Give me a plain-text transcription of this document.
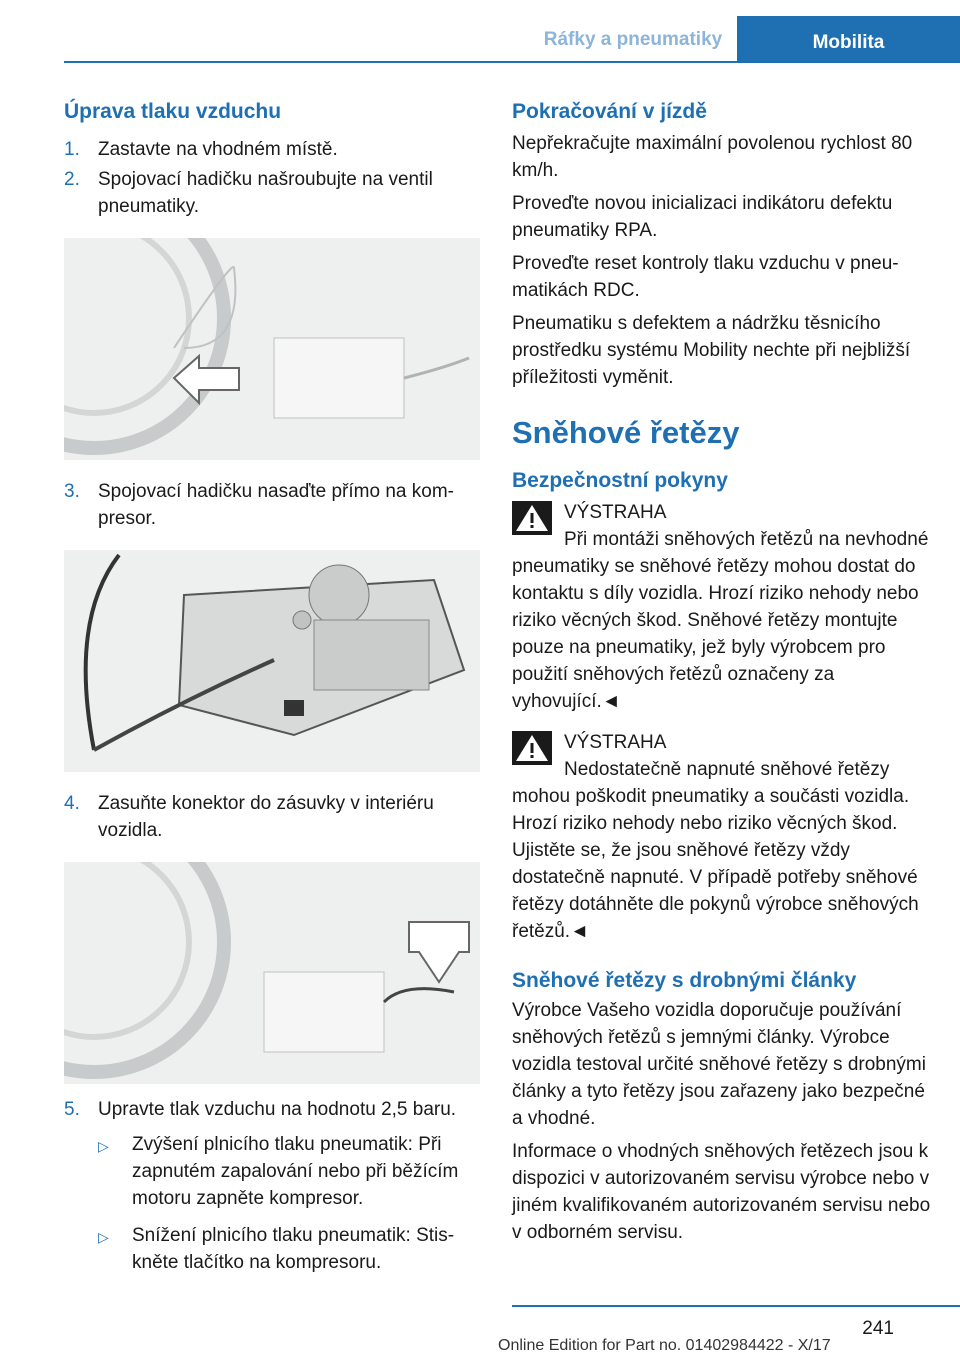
Ráfky a pneumatiky	Mobilita
Úprava tlaku vzduchu
1. Zastavte na vhodném místě.
2. Spojovací hadičku našroubujte na ventil pneumatiky.
3. Spojovací hadičku nasaďte přímo na kompresor.
4. Zasuňte konektor do zásuvky v interiéru vozidla.
5. Upravte tlak vzduchu na hodnotu 2,5 baru.
▷	Zvýšení plnicího tlaku pneumatik: Při zapnutém zapalování nebo při běžícím motoru zapněte kompresor.
▷	Snížení plnicího tlaku pneumatik: Stiskněte tlačítko na kompresoru.
Pokračování v jízdě

Nepřekračujte maximální povolenou rychlost 80 km/h.

Proveďte novou inicializaci indikátoru defektu pneumatiky RPA.

Proveďte reset kontroly tlaku vzduchu v pneumatikách RDC.

Pneumatiku s defektem a nádržku těsnicího prostředku systému Mobility nechte při nejbližší příležitosti vyměnit.

Sněhové řetězy
Bezpečnostní pokyny
VÝSTRAHA
Při montáži sněhových řetězů na nevhodné pneumatiky se sněhové řetězy mohou dostat do kontaktu s díly vozidla. Hrozí riziko nehody nebo riziko věcných škod. Sněhové řetězy montujte pouze na pneumatiky, jež byly výrobcem pro použití sněhových řetězů označeny za vyhovující.◄
VÝSTRAHA
Nedostatečně napnuté sněhové řetězy mohou poškodit pneumatiky a součásti vozidla. Hrozí riziko nehody nebo riziko věcných škod. Ujistěte se, že jsou sněhové řetězy vždy dostatečně napnuté. V případě potřeby sněhové řetězy dotáhněte dle pokynů výrobce sněhových řetězů.◄
Sněhové řetězy s drobnými články

Výrobce Vašeho vozidla doporučuje používání sněhových řetězů s jemnými články. Výrobce vozidla testoval určité sněhové řetězy s drobnými články a tyto řetězy jsou zařazeny jako bezpečné a vhodné.

Informace o vhodných sněhových řetězech jsou k dispozici v autorizovaném servisu výrobce nebo v jiném kvalifikovaném autorizovaném servisu nebo v odborném servisu.

241
Online Edition for Part no. 01402984422 - X/17
